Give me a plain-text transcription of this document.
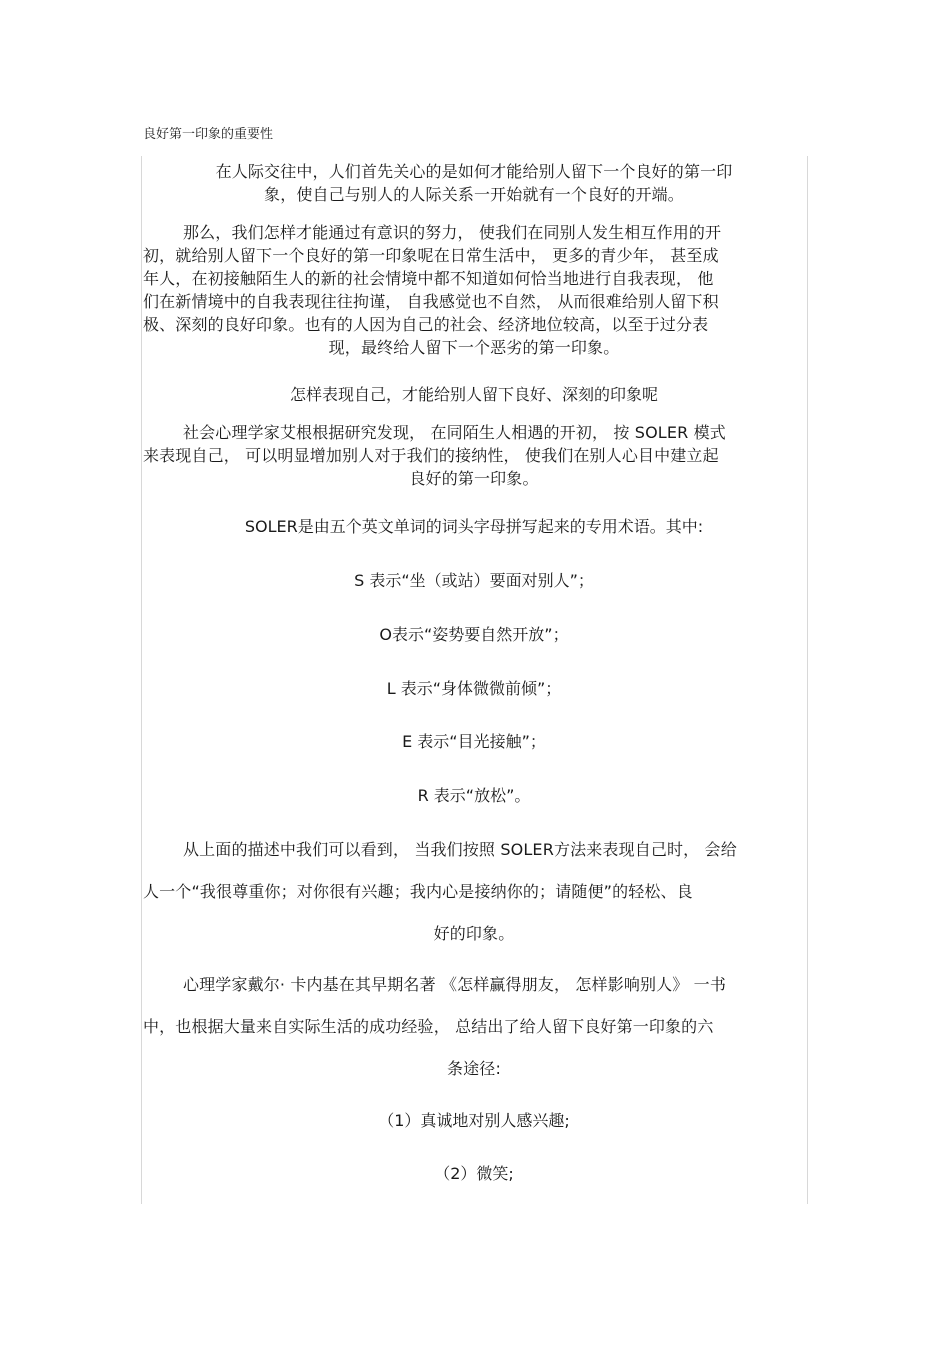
良好第一印象的重要性
在人际交往中，人们首先关心的是如何才能给别人留下一个良好的第一印
象，使自己与别人的人际关系一开始就有一个良好的开端。
那么，我们怎样才能通过有意识的努力， 使我们在同别人发生相互作用的开
初，就给别人留下一个良好的第一印象呢在日常生活中， 更多的青少年， 甚至成
年人，在初接触陌生人的新的社会情境中都不知道如何恰当地进行自我表现， 他
们在新情境中的自我表现往往拘谨， 自我感觉也不自然， 从而很难给别人留下积
极、深刻的良好印象。也有的人因为自己的社会、经济地位较高，以至于过分表
现，最终给人留下一个恶劣的第一印象。
怎样表现自己，才能给别人留下良好、深刻的印象呢
社会心理学家艾根根据研究发现， 在同陌生人相遇的开初， 按 SOLER 模式
来表现自己， 可以明显增加别人对于我们的接纳性， 使我们在别人心目中建立起
良好的第一印象。
SOLER是由五个英文单词的词头字母拼写起来的专用术语。其中:
S 表示“坐（或站）要面对别人”；
O表示“姿势要自然开放”；
L 表示“身体微微前倾”；
E 表示“目光接触”；
R 表示“放松”。
从上面的描述中我们可以看到， 当我们按照 SOLER方法来表现自己时， 会给
人一个“我很尊重你；对你很有兴趣；我内心是接纳你的；请随便”的轻松、良
好的印象。
心理学家戴尔· 卡内基在其早期名著 《怎样赢得朋友， 怎样影响别人》 一书
中，也根据大量来自实际生活的成功经验， 总结出了给人留下良好第一印象的六
条途径:
（1）真诚地对别人感兴趣;
（2）微笑;
